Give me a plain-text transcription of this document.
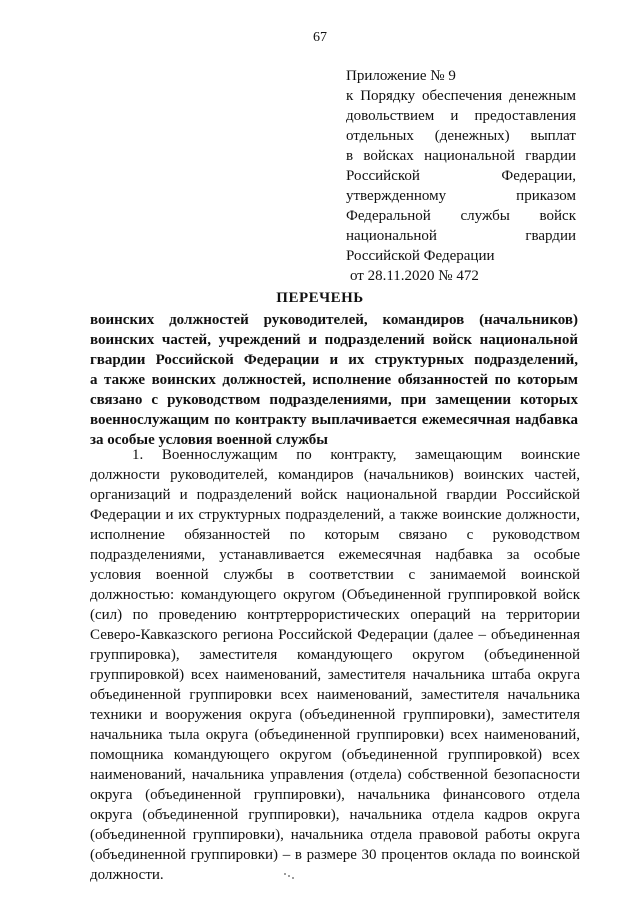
67
Приложение № 9
к Порядку обеспечения денежным
довольствием и предоставления
отдельных (денежных) выплат
в войсках национальной гвардии
Российской Федерации,
утвержденному приказом
Федеральной службы войск
национальной гвардии
Российской Федерации
от 28.11.2020 № 472
ПЕРЕЧЕНЬ
воинских должностей руководителей, командиров (начальников)
воинских частей, учреждений и подразделений войск национальной
гвардии Российской Федерации и их структурных подразделений,
а также воинских должностей, исполнение обязанностей по которым
связано с руководством подразделениями, при замещении которых
военнослужащим по контракту выплачивается ежемесячная надбавка
за особые условия военной службы
1. Военнослужащим по контракту, замещающим воинские
должности руководителей, командиров (начальников) воинских частей,
организаций и подразделений войск национальной гвардии Российской
Федерации и их структурных подразделений, а также воинские должности,
исполнение обязанностей по которым связано с руководством
подразделениями, устанавливается ежемесячная надбавка за особые
условия военной службы в соответствии с занимаемой воинской
должностью: командующего округом (Объединенной группировкой войск
(сил) по проведению контртеррористических операций на территории
Северо-Кавказского региона Российской Федерации (далее – объединенная
группировка), заместителя командующего округом (объединенной
группировкой) всех наименований, заместителя начальника штаба округа
объединенной группировки всех наименований, заместителя начальника
техники и вооружения округа (объединенной группировки), заместителя
начальника тыла округа (объединенной группировки) всех наименований,
помощника командующего округом (объединенной группировкой) всех
наименований, начальника управления (отдела) собственной безопасности
округа (объединенной группировки), начальника финансового отдела
округа (объединенной группировки), начальника отдела кадров округа
(объединенной группировки), начальника отдела правовой работы округа
(объединенной группировки) – в размере 30 процентов оклада по воинской
должности.
